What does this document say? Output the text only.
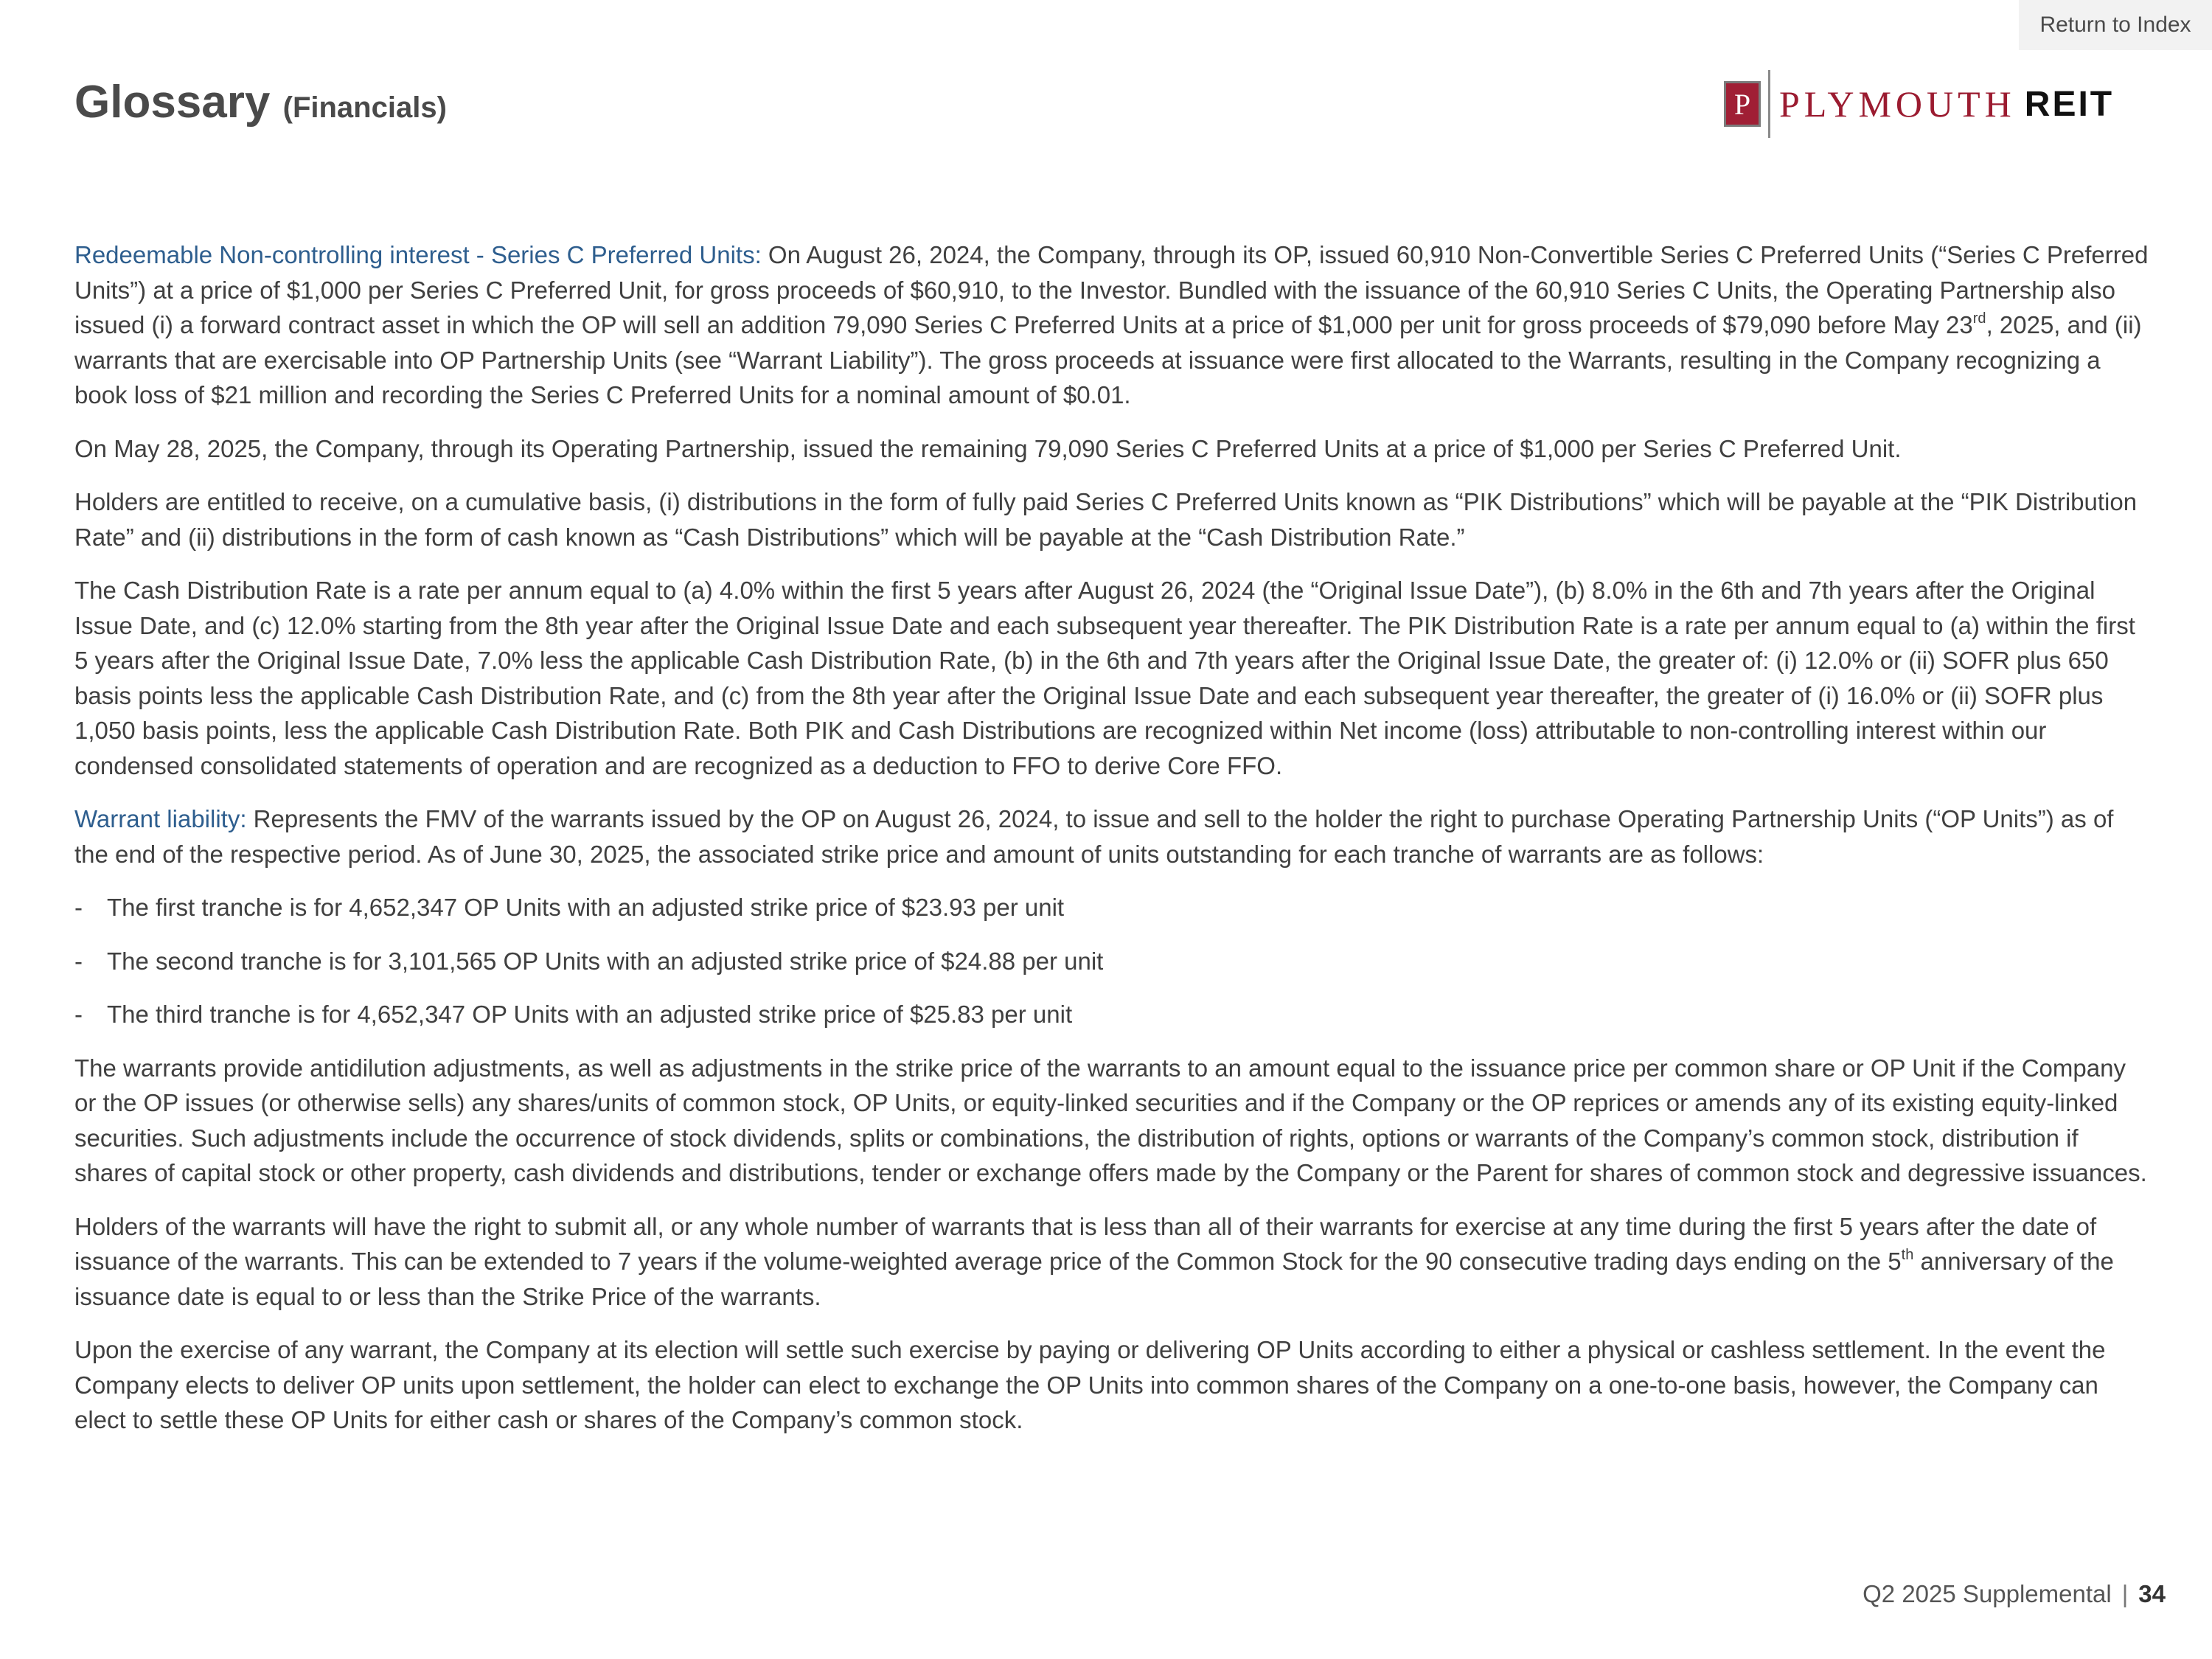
Return to Index
Glossary (Financials)	P PLYMOUTH REIT

Redeemable Non-controlling interest - Series C Preferred Units: On August 26, 2024, the Company, through its OP, issued 60,910 Non-Convertible Series C Preferred Units (“Series C Preferred Units”) at a price of $1,000 per Series C Preferred Unit, for gross proceeds of $60,910, to the Investor. Bundled with the issuance of the 60,910 Series C Units, the Operating Partnership also issued (i) a forward contract asset in which the OP will sell an addition 79,090 Series C Preferred Units at a price of $1,000 per unit for gross proceeds of $79,090 before May 23rd, 2025, and (ii) warrants that are exercisable into OP Partnership Units (see “Warrant Liability”). The gross proceeds at issuance were first allocated to the Warrants, resulting in the Company recognizing a book loss of $21 million and recording the Series C Preferred Units for a nominal amount of $0.01.

On May 28, 2025, the Company, through its Operating Partnership, issued the remaining 79,090 Series C Preferred Units at a price of $1,000 per Series C Preferred Unit.

Holders are entitled to receive, on a cumulative basis, (i) distributions in the form of fully paid Series C Preferred Units known as “PIK Distributions” which will be payable at the “PIK Distribution Rate” and (ii) distributions in the form of cash known as “Cash Distributions” which will be payable at the “Cash Distribution Rate.”

The Cash Distribution Rate is a rate per annum equal to (a) 4.0% within the first 5 years after August 26, 2024 (the “Original Issue Date”), (b) 8.0% in the 6th and 7th years after the Original Issue Date, and (c) 12.0% starting from the 8th year after the Original Issue Date and each subsequent year thereafter. The PIK Distribution Rate is a rate per annum equal to (a) within the first 5 years after the Original Issue Date, 7.0% less the applicable Cash Distribution Rate, (b) in the 6th and 7th years after the Original Issue Date, the greater of: (i) 12.0% or (ii) SOFR plus 650 basis points less the applicable Cash Distribution Rate, and (c) from the 8th year after the Original Issue Date and each subsequent year thereafter, the greater of (i) 16.0% or (ii) SOFR plus 1,050 basis points, less the applicable Cash Distribution Rate. Both PIK and Cash Distributions are recognized within Net income (loss) attributable to non-controlling interest within our condensed consolidated statements of operation and are recognized as a deduction to FFO to derive Core FFO.

Warrant liability: Represents the FMV of the warrants issued by the OP on August 26, 2024, to issue and sell to the holder the right to purchase Operating Partnership Units (“OP Units”) as of the end of the respective period. As of June 30, 2025, the associated strike price and amount of units outstanding for each tranche of warrants are as follows:

- The first tranche is for 4,652,347 OP Units with an adjusted strike price of $23.93 per unit
- The second tranche is for 3,101,565 OP Units with an adjusted strike price of $24.88 per unit
- The third tranche is for 4,652,347 OP Units with an adjusted strike price of $25.83 per unit

The warrants provide antidilution adjustments, as well as adjustments in the strike price of the warrants to an amount equal to the issuance price per common share or OP Unit if the Company or the OP issues (or otherwise sells) any shares/units of common stock, OP Units, or equity-linked securities and if the Company or the OP reprices or amends any of its existing equity-linked securities. Such adjustments include the occurrence of stock dividends, splits or combinations, the distribution of rights, options or warrants of the Company’s common stock, distribution if shares of capital stock or other property, cash dividends and distributions, tender or exchange offers made by the Company or the Parent for shares of common stock and degressive issuances.

Holders of the warrants will have the right to submit all, or any whole number of warrants that is less than all of their warrants for exercise at any time during the first 5 years after the date of issuance of the warrants. This can be extended to 7 years if the volume-weighted average price of the Common Stock for the 90 consecutive trading days ending on the 5th anniversary of the issuance date is equal to or less than the Strike Price of the warrants.

Upon the exercise of any warrant, the Company at its election will settle such exercise by paying or delivering OP Units according to either a physical or cashless settlement. In the event the Company elects to deliver OP units upon settlement, the holder can elect to exchange the OP Units into common shares of the Company on a one-to-one basis, however, the Company can elect to settle these OP Units for either cash or shares of the Company’s common stock.

Q2 2025 Supplemental | 34
